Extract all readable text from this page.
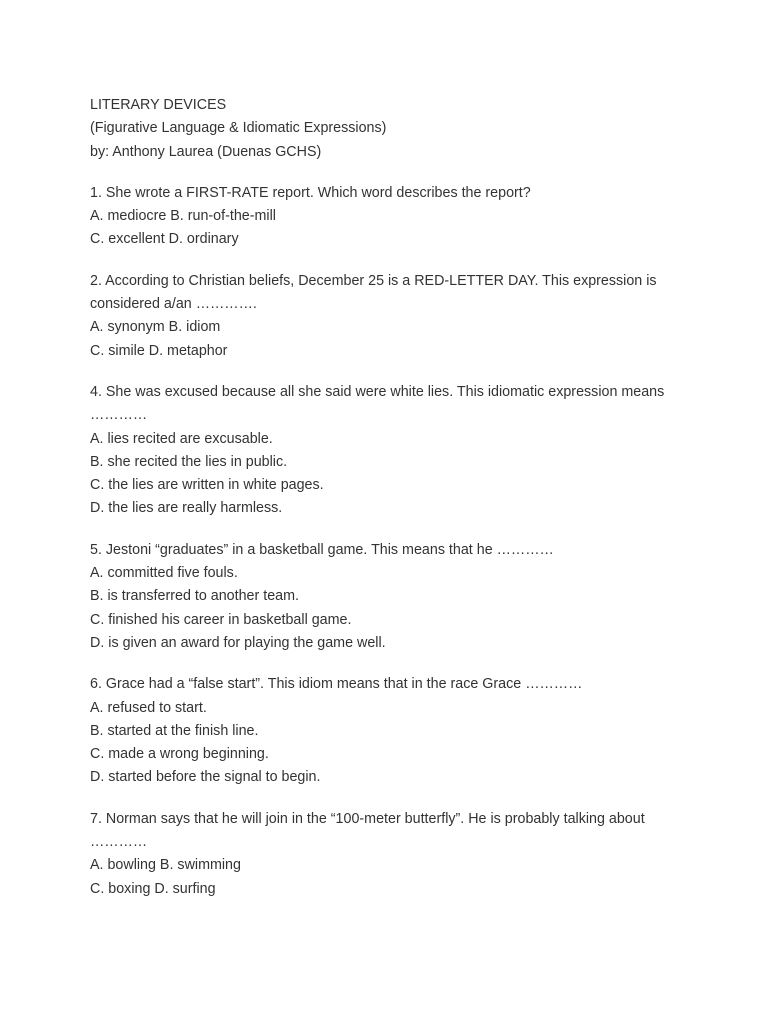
LITERARY DEVICES
(Figurative Language & Idiomatic Expressions)
by: Anthony Laurea (Duenas GCHS)
1. She wrote a FIRST-RATE report. Which word describes the report?
A. mediocre B. run-of-the-mill
C. excellent D. ordinary
2. According to Christian beliefs, December 25 is a RED-LETTER DAY. This expression is
considered a/an ………….
A. synonym B. idiom
C. simile D. metaphor
4. She was excused because all she said were white lies. This idiomatic expression means
…………
A. lies recited are excusable.
B. she recited the lies in public.
C. the lies are written in white pages.
D. the lies are really harmless.
5. Jestoni “graduates” in a basketball game. This means that he …………
A. committed five fouls.
B. is transferred to another team.
C. finished his career in basketball game.
D. is given an award for playing the game well.
6. Grace had a “false start”. This idiom means that in the race Grace …………
A. refused to start.
B. started at the finish line.
C. made a wrong beginning.
D. started before the signal to begin.
7. Norman says that he will join in the “100-meter butterfly”. He is probably talking about
…………
A. bowling B. swimming
C. boxing D. surfing
